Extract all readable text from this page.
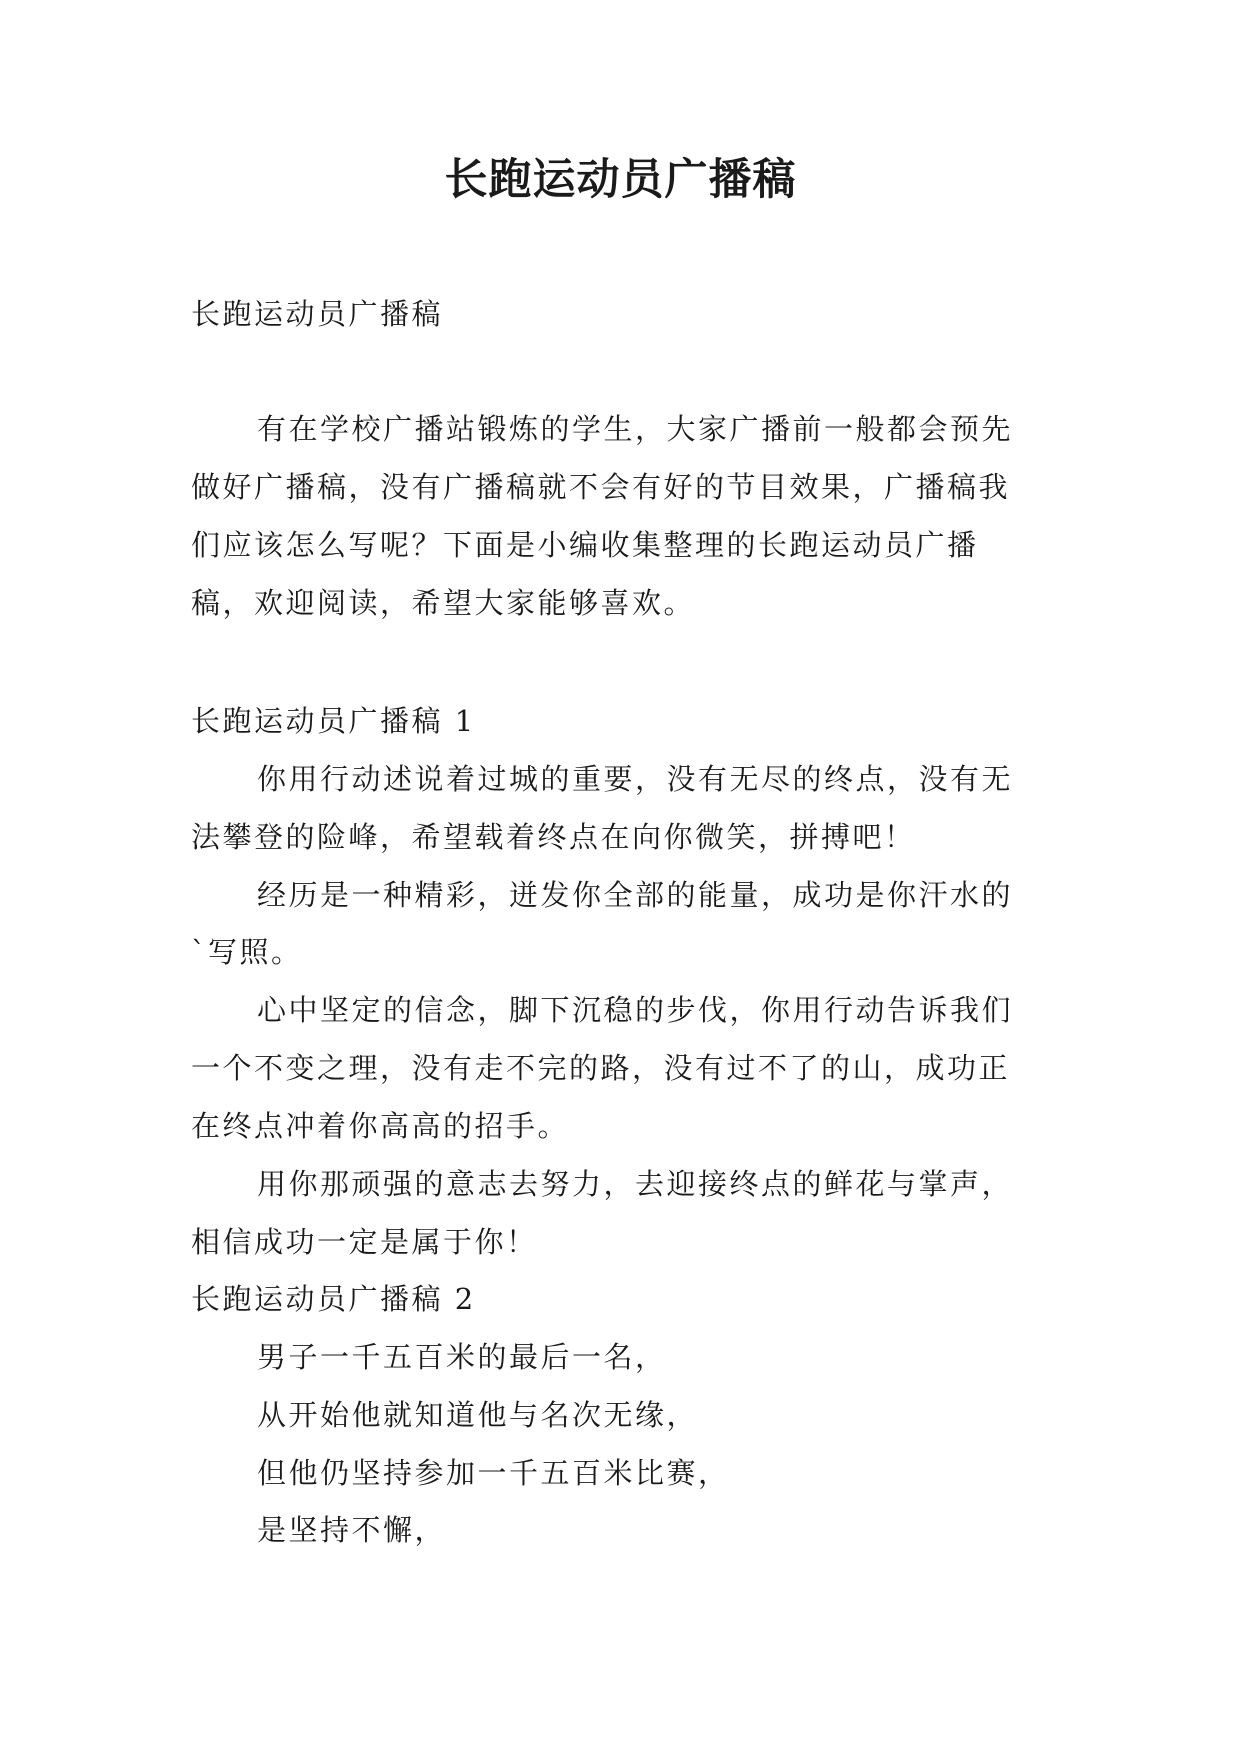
长跑运动员广播稿

长跑运动员广播稿

有在学校广播站锻炼的学生，大家广播前一般都会预先

做好广播稿，没有广播稿就不会有好的节目效果，广播稿我

们应该怎么写呢？下面是小编收集整理的长跑运动员广播

稿，欢迎阅读，希望大家能够喜欢。

长跑运动员广播稿 1

你用行动述说着过城的重要，没有无尽的终点，没有无

法攀登的险峰，希望载着终点在向你微笑，拼搏吧！

经历是一种精彩，迸发你全部的能量，成功是你汗水的

`写照。

心中坚定的信念，脚下沉稳的步伐，你用行动告诉我们

一个不变之理，没有走不完的路，没有过不了的山，成功正

在终点冲着你高高的招手。

用你那顽强的意志去努力，去迎接终点的鲜花与掌声，

相信成功一定是属于你！

长跑运动员广播稿 2

男子一千五百米的最后一名，

从开始他就知道他与名次无缘，

但他仍坚持参加一千五百米比赛，

是坚持不懈，
